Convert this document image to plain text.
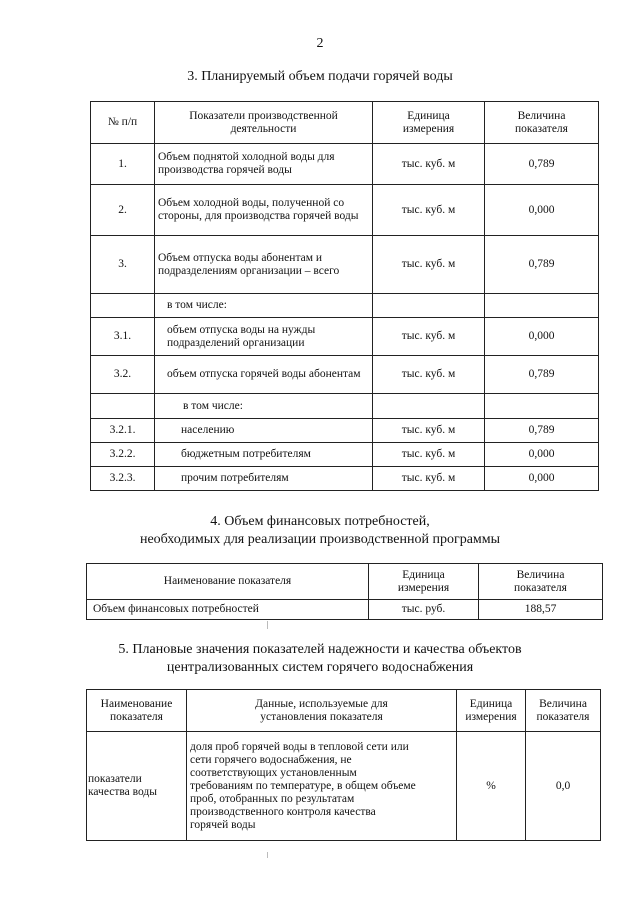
2
3. Планируемый объем подачи горячей воды
№ п/п	Показатели производственной деятельности	Единица измерения	Величина показателя
1.	Объем поднятой холодной воды для производства горячей воды	тыс. куб. м	0,789
2.	Объем холодной воды, полученной со стороны, для производства горячей воды	тыс. куб. м	0,000
3.	Объем отпуска воды абонентам и подразделениям организации – всего	тыс. куб. м	0,789
	в том числе:		
3.1.	объем отпуска воды на нужды подразделений организации	тыс. куб. м	0,000
3.2.	объем отпуска горячей воды абонентам	тыс. куб. м	0,789
	в том числе:		
3.2.1.	населению	тыс. куб. м	0,789
3.2.2.	бюджетным потребителям	тыс. куб. м	0,000
3.2.3.	прочим потребителям	тыс. куб. м	0,000
4. Объем финансовых потребностей,
необходимых для реализации производственной программы
Наименование показателя	Единица измерения	Величина показателя
Объем финансовых потребностей	тыс. руб.	188,57
5. Плановые значения показателей надежности и качества объектов
централизованных систем горячего водоснабжения
Наименование показателя	Данные, используемые для установления показателя	Единица измерения	Величина показателя
показатели качества воды	доля проб горячей воды в тепловой сети или сети горячего водоснабжения, не соответствующих установленным требованиям по температуре, в общем объеме проб, отобранных по результатам производственного контроля качества горячей воды	%	0,0
